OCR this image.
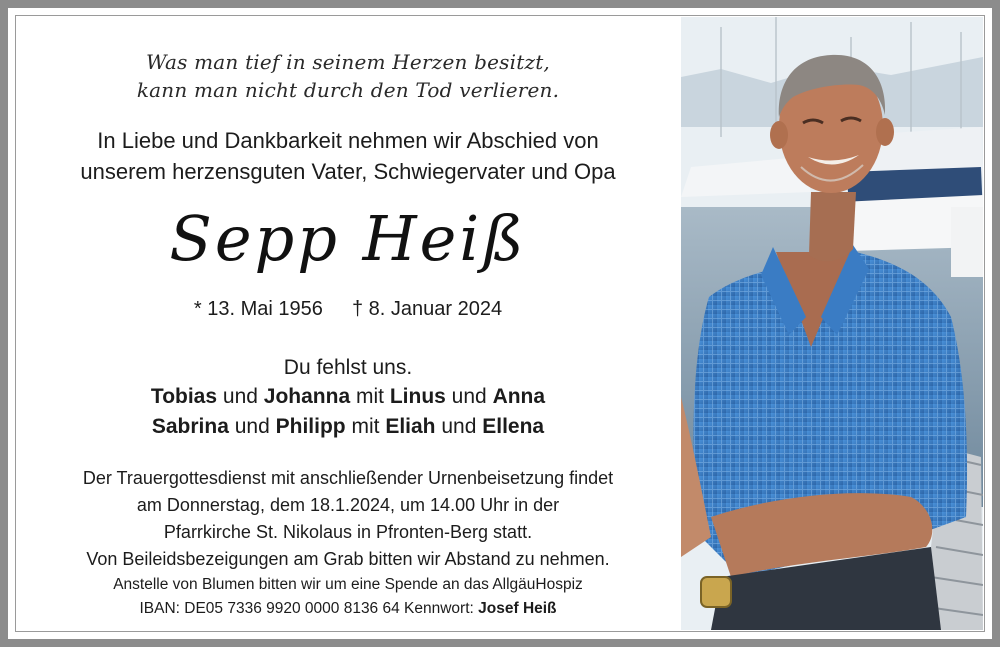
Was man tief in seinem Herzen besitzt,
kann man nicht durch den Tod verlieren.
In Liebe und Dankbarkeit nehmen wir Abschied von
unserem herzensguten Vater, Schwiegervater und Opa
Sepp Heiß
* 13. Mai 1956 † 8. Januar 2024
Du fehlst uns.
Tobias und Johanna mit Linus und Anna
Sabrina und Philipp mit Eliah und Ellena
Der Trauergottesdienst mit anschließender Urnenbeisetzung findet
am Donnerstag, dem 18.1.2024, um 14.00 Uhr in der
Pfarrkirche St. Nikolaus in Pfronten-Berg statt.
Von Beileidsbezeigungen am Grab bitten wir Abstand zu nehmen.
Anstelle von Blumen bitten wir um eine Spende an das AllgäuHospiz
IBAN: DE05 7336 9920 0000 8136 64 Kennwort: Josef Heiß
